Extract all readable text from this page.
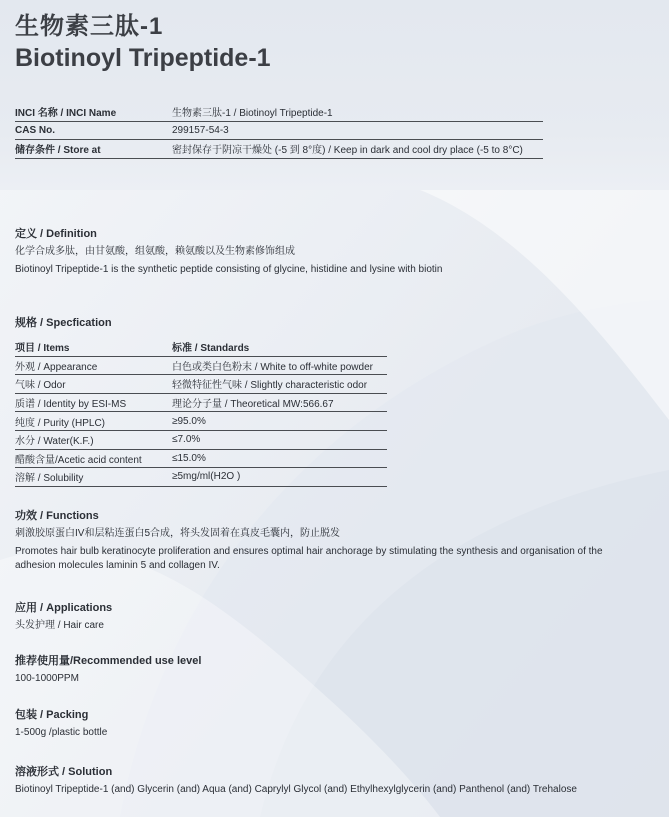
生物素三肽-1
Biotinoyl Tripeptide-1
INCI 名称 / INCI Name	生物素三肽-1 / Biotinoyl Tripeptide-1
CAS No.	299157-54-3
储存条件 / Store at	密封保存于阴凉干燥处 (-5 到 8°度) / Keep in dark and cool dry place (-5 to 8°C)
定义 / Definition

化学合成多肽，由甘氨酸，组氨酸，赖氨酸以及生物素修饰组成

Biotinoyl Tripeptide-1 is the synthetic peptide consisting of glycine, histidine and lysine with biotin

规格 / Specfication
项目 / Items	标准 / Standards
外观 / Appearance	白色或类白色粉末 / White to off-white powder
气味 / Odor	轻微特征性气味 / Slightly characteristic odor
质谱 / Identity by ESI-MS	理论分子量 / Theoretical MW:566.67
纯度 / Purity (HPLC)	≥95.0%
水分 / Water(K.F.)	≤7.0%
醋酸含量/Acetic acid content	≤15.0%
溶解 / Solubility	≥5mg/ml(H2O )
功效 / Functions

刺激胶原蛋白IV和层粘连蛋白5合成，将头发固着在真皮毛囊内，防止脱发

Promotes hair bulb keratinocyte proliferation and ensures optimal hair anchorage by stimulating the synthesis and organisation of the

adhesion molecules laminin 5 and collagen IV.

应用 / Applications

头发护理 / Hair care

推荐使用量/Recommended use level

100-1000PPM

包装 / Packing

1-500g /plastic bottle

溶液形式 / Solution

Biotinoyl Tripeptide-1 (and) Glycerin (and) Aqua (and) Caprylyl Glycol (and) Ethylhexylglycerin (and) Panthenol (and) Trehalose
